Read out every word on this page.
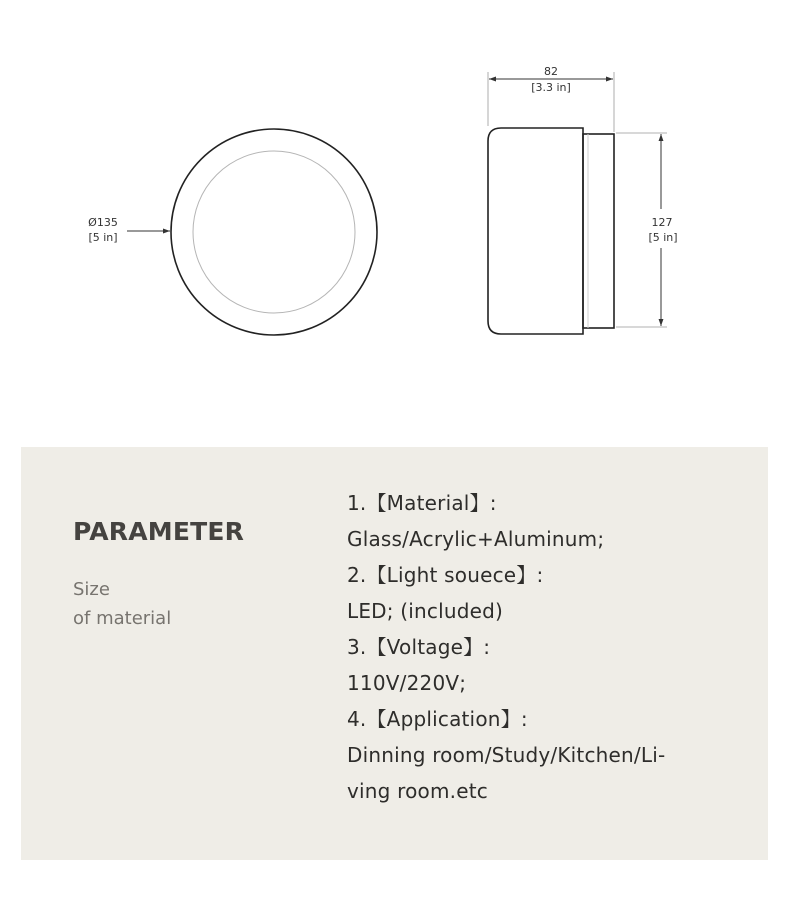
Ø135
[5 in]
82
[3.3 in]
127
[5 in]
PARAMETER
Size
of material
1.【Material】:
Glass/Acrylic+Aluminum;
2.【Light souece】:
LED; (included)
3.【Voltage】:
110V/220V;
4.【Application】:
Dinning room/Study/Kitchen/Li-
ving room.etc
